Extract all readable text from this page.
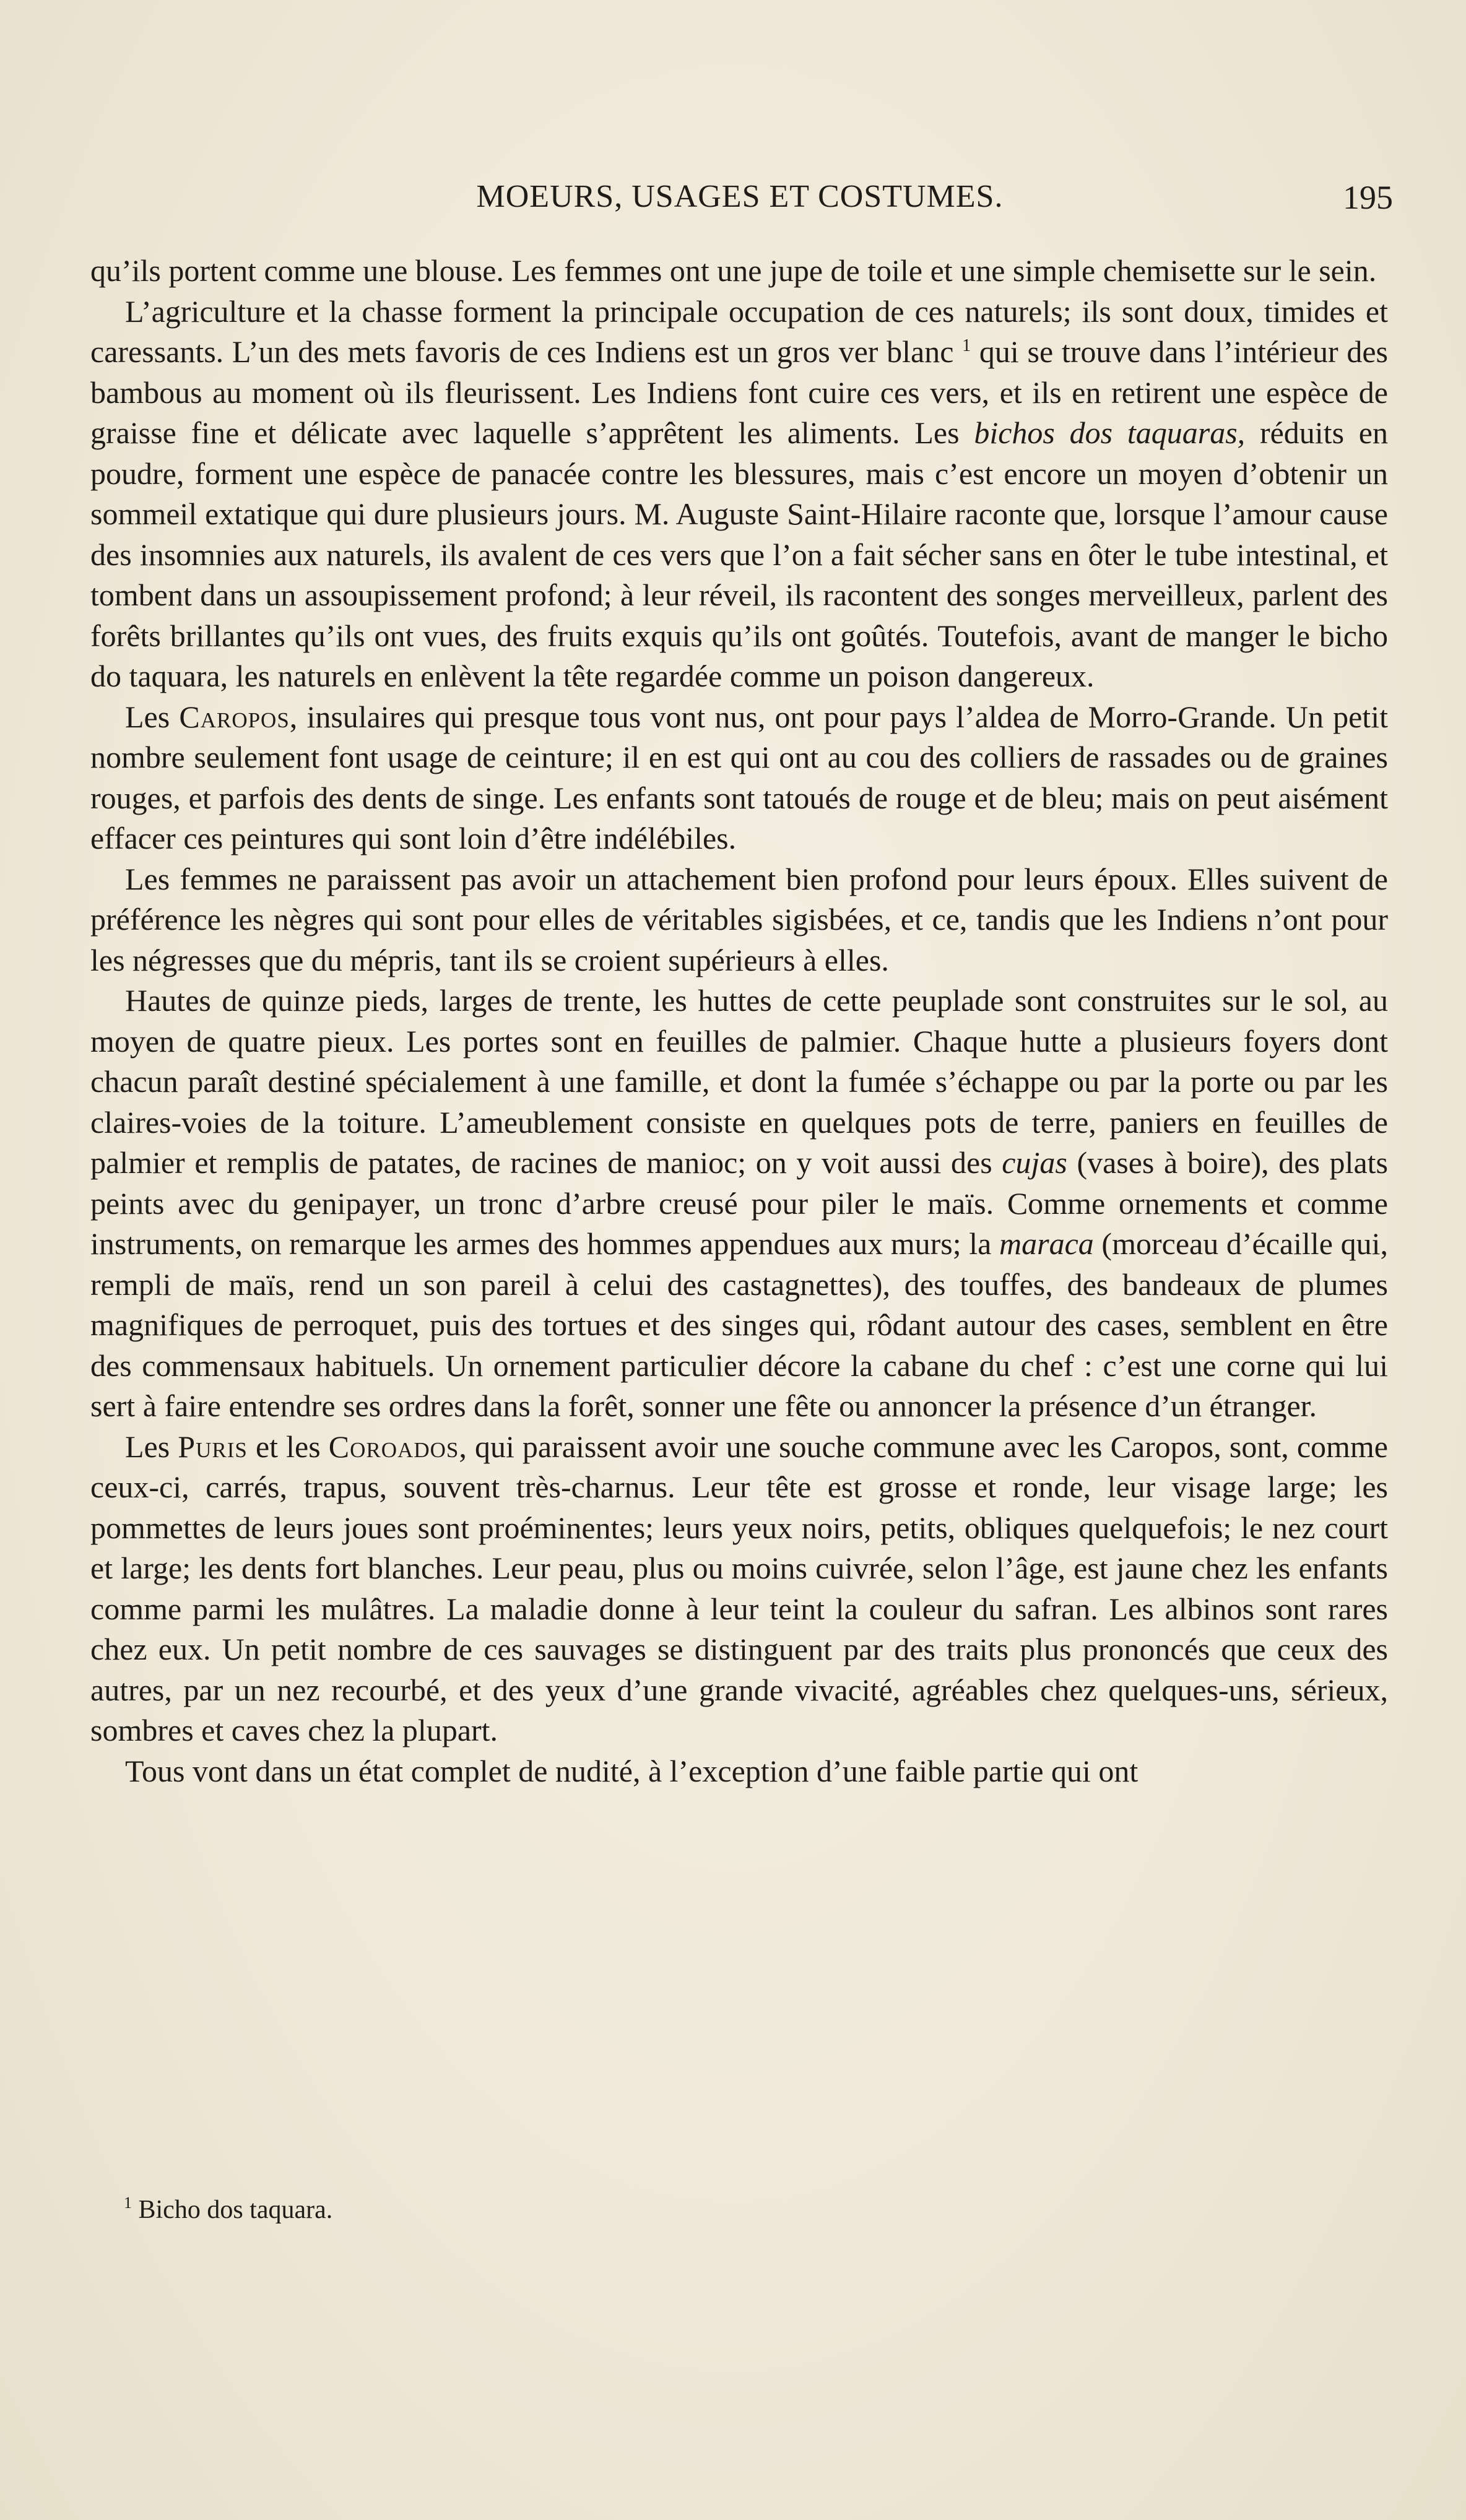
MOEURS, USAGES ET COSTUMES.	195

qu’ils portent comme une blouse. Les femmes ont une jupe de toile et une simple chemisette sur le sein.

L’agriculture et la chasse forment la principale occupation de ces naturels; ils sont doux, timides et caressants. L’un des mets favoris de ces Indiens est un gros ver blanc $^1$ qui se trouve dans l’intérieur des bambous au moment où ils fleurissent. Les Indiens font cuire ces vers, et ils en retirent une espèce de graisse fine et délicate avec laquelle s’apprêtent les aliments. Les bichos dos taquaras, réduits en poudre, forment une espèce de panacée contre les blessures, mais c’est encore un moyen d’obtenir un sommeil extatique qui dure plusieurs jours. M. Auguste Saint-Hilaire raconte que, lorsque l’amour cause des insomnies aux naturels, ils avalent de ces vers que l’on a fait sécher sans en ôter le tube intestinal, et tombent dans un assoupissement profond; à leur réveil, ils racontent des songes merveilleux, parlent des forêts brillantes qu’ils ont vues, des fruits exquis qu’ils ont goûtés. Toutefois, avant de manger le bicho do taquara, les naturels en enlèvent la tête regardée comme un poison dangereux.

Les Caropos, insulaires qui presque tous vont nus, ont pour pays l’aldea de Morro-Grande. Un petit nombre seulement font usage de ceinture; il en est qui ont au cou des colliers de rassades ou de graines rouges, et parfois des dents de singe. Les enfants sont tatoués de rouge et de bleu; mais on peut aisément effacer ces peintures qui sont loin d’être indélébiles.

Les femmes ne paraissent pas avoir un attachement bien profond pour leurs époux. Elles suivent de préférence les nègres qui sont pour elles de véritables sigisbées, et ce, tandis que les Indiens n’ont pour les négresses que du mépris, tant ils se croient supérieurs à elles.

Hautes de quinze pieds, larges de trente, les huttes de cette peuplade sont construites sur le sol, au moyen de quatre pieux. Les portes sont en feuilles de palmier. Chaque hutte a plusieurs foyers dont chacun paraît destiné spécialement à une famille, et dont la fumée s’échappe ou par la porte ou par les claires-voies de la toiture. L’ameublement consiste en quelques pots de terre, paniers en feuilles de palmier et remplis de patates, de racines de manioc; on y voit aussi des cujas (vases à boire), des plats peints avec du genipayer, un tronc d’arbre creusé pour piler le maïs. Comme ornements et comme instruments, on remarque les armes des hommes appendues aux murs; la maraca (morceau d’écaille qui, rempli de maïs, rend un son pareil à celui des castagnettes), des touffes, des bandeaux de plumes magnifiques de perroquet, puis des tortues et des singes qui, rôdant autour des cases, semblent en être des commensaux habituels. Un ornement particulier décore la cabane du chef : c’est une corne qui lui sert à faire entendre ses ordres dans la forêt, sonner une fête ou annoncer la présence d’un étranger.

Les Puris et les Coroados, qui paraissent avoir une souche commune avec les Caropos, sont, comme ceux-ci, carrés, trapus, souvent très-charnus. Leur tête est grosse et ronde, leur visage large; les pommettes de leurs joues sont proéminentes; leurs yeux noirs, petits, obliques quelquefois; le nez court et large; les dents fort blanches. Leur peau, plus ou moins cuivrée, selon l’âge, est jaune chez les enfants comme parmi les mulâtres. La maladie donne à leur teint la couleur du safran. Les albinos sont rares chez eux. Un petit nombre de ces sauvages se distinguent par des traits plus prononcés que ceux des autres, par un nez recourbé, et des yeux d’une grande vivacité, agréables chez quelques-uns, sérieux, sombres et caves chez la plupart.

Tous vont dans un état complet de nudité, à l’exception d’une faible partie qui ont

$^1$ Bicho dos taquara.
